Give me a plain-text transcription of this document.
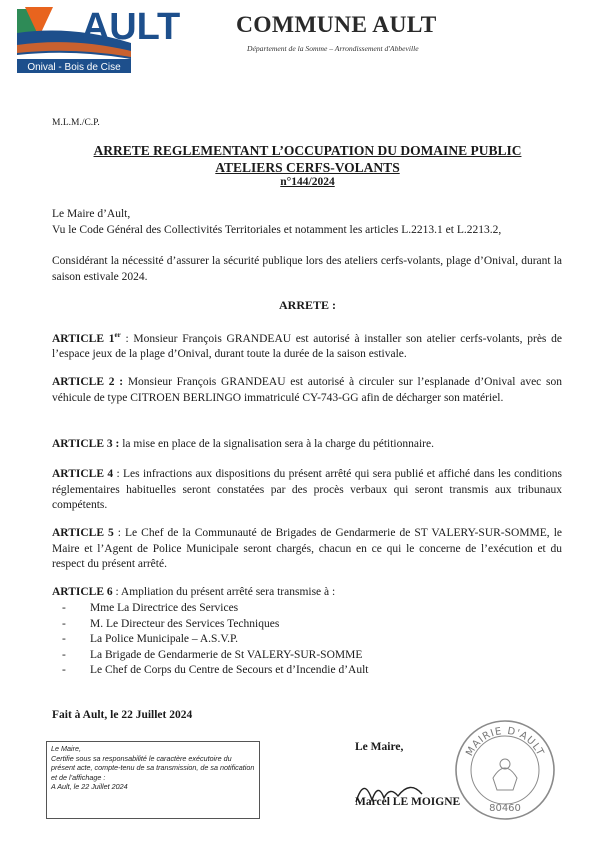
AULT
Onival - Bois de Cise
COMMUNE AULT
Département de la Somme – Arrondissement d'Abbeville
M.L.M./C.P.
ARRETE REGLEMENTANT L’OCCUPATION DU DOMAINE PUBLIC
ATELIERS CERFS-VOLANTS
n°144/2024
Le Maire d’Ault,
Vu le Code Général des Collectivités Territoriales et notamment les articles L.2213.1 et L.2213.2,
Considérant la nécessité d’assurer la sécurité publique lors des ateliers cerfs-volants, plage d’Onival, durant la saison estivale 2024.
ARRETE :
ARTICLE 1er : Monsieur François GRANDEAU est autorisé à installer son atelier cerfs-volants, près de l’espace jeux de la plage d’Onival, durant toute la durée de la saison estivale.
ARTICLE 2 : Monsieur François GRANDEAU est autorisé à circuler sur l’esplanade d’Onival avec son véhicule de type CITROEN BERLINGO immatriculé CY-743-GG afin de décharger son matériel.
ARTICLE 3 : la mise en place de la signalisation sera à la charge du pétitionnaire.
ARTICLE 4 : Les infractions aux dispositions du présent arrêté qui sera publié et affiché dans les conditions réglementaires habituelles seront constatées par des procès verbaux qui seront transmis aux tribunaux compétents.
ARTICLE 5 : Le Chef de la Communauté de Brigades de Gendarmerie de ST VALERY-SUR-SOMME, le Maire et l’Agent de Police Municipale seront chargés, chacun en ce qui le concerne de l’exécution et du respect du présent arrêté.
ARTICLE 6 : Ampliation du présent arrêté sera transmise à :
- Mme La Directrice des Services
- M. Le Directeur des Services Techniques
- La Police Municipale – A.S.V.P.
- La Brigade de Gendarmerie de St VALERY-SUR-SOMME
- Le Chef de Corps du Centre de Secours et d’Incendie d’Ault
Fait à Ault, le 22 Juillet 2024
Le Maire,
Certifie sous sa responsabilité le caractère exécutoire du présent acte, compte-tenu de sa transmission, de sa notification et de l’affichage :
A Ault, le 22 Juillet 2024
Le Maire,
Marcel LE MOIGNE
MAIRIE D'AULT
80460
